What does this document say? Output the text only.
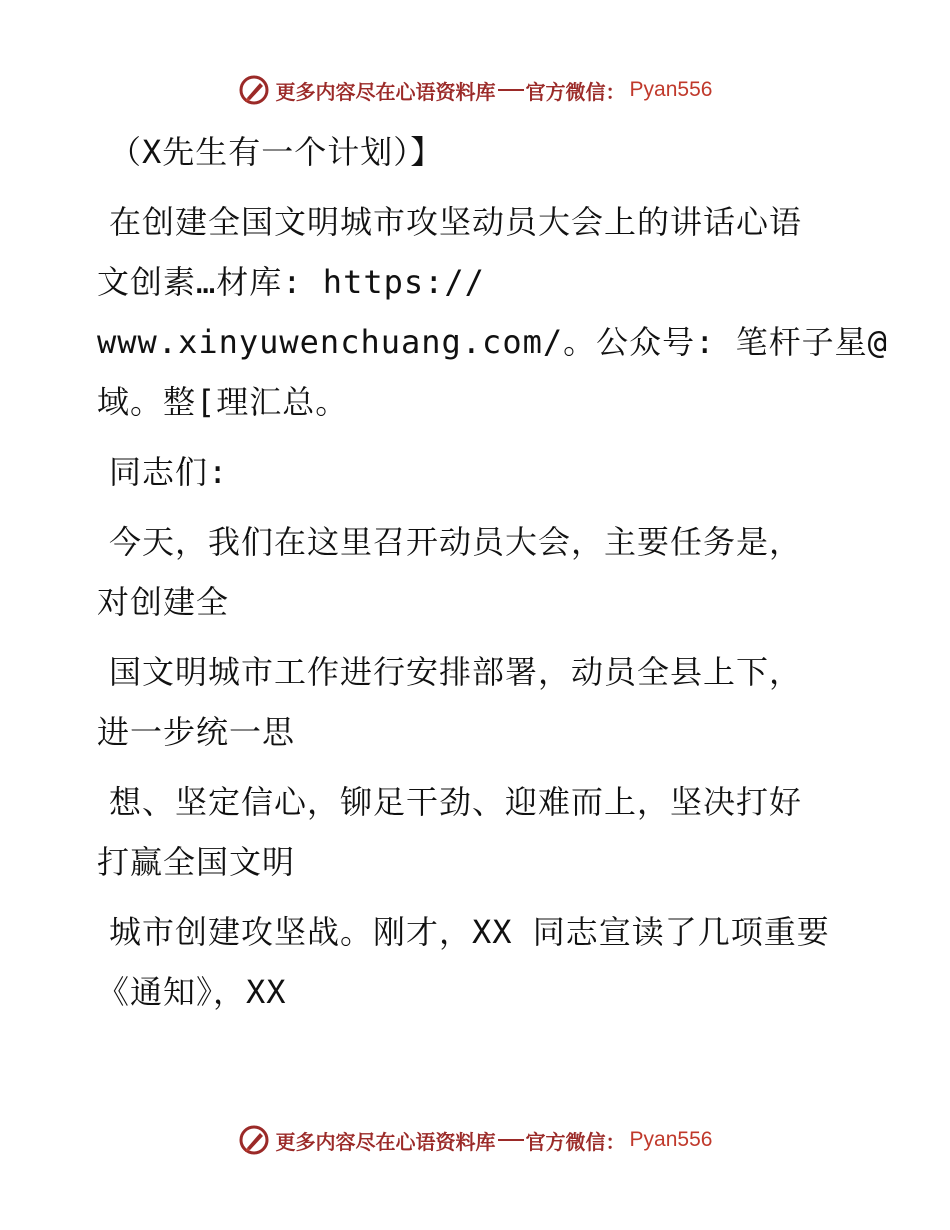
更多内容尽在心语资料库 官方微信： Pyan556
（X先生有一个计划）】
在创建全国文明城市攻坚动员大会上的讲话心语
文创素…材库: https://
www.xinyuwenchuang.com/。公众号: 笔杆子星@
域。整[理汇总。
同志们:
今天，我们在这里召开动员大会，主要任务是，
对创建全
国文明城市工作进行安排部署，动员全县上下，
进一步统一思
想、坚定信心，铆足干劲、迎难而上，坚决打好
打赢全国文明
城市创建攻坚战。刚才，XX 同志宣读了几项重要
《通知》，XX
更多内容尽在心语资料库 官方微信： Pyan556
